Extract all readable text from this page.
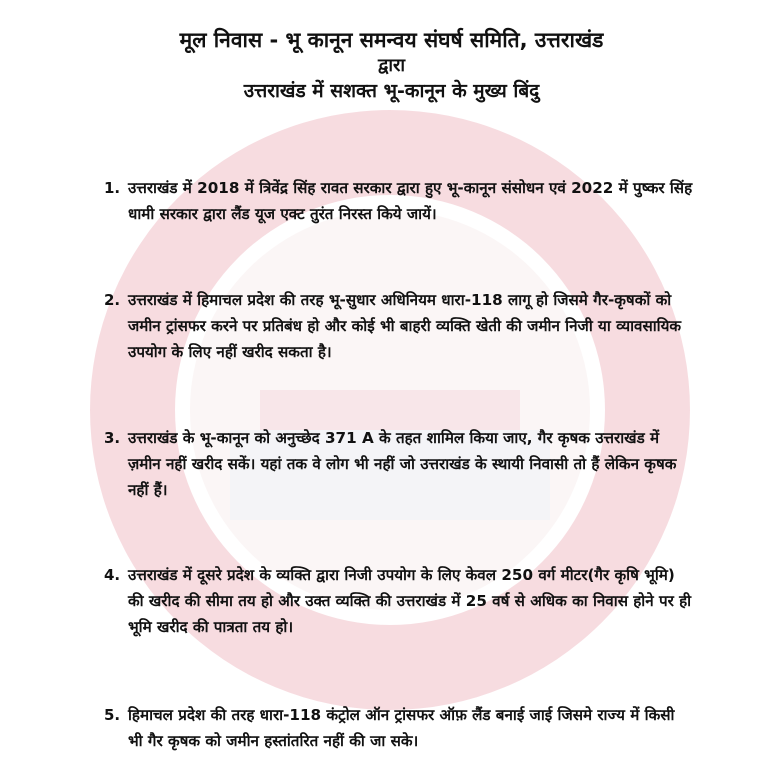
मूल निवास - भू कानून समन्वय संघर्ष समिति, उत्तराखंड
द्वारा
उत्तराखंड में सशक्त भू-कानून के मुख्य बिंदु
1. उत्तराखंड में 2018 में त्रिवेंद्र सिंह रावत सरकार द्वारा हुए भू-कानून संसोधन एवं 2022 में पुष्कर सिंह धामी सरकार द्वारा लैंड यूज एक्ट तुरंत निरस्त किये जायें।
2. उत्तराखंड में हिमाचल प्रदेश की तरह भू-सुधार अधिनियम धारा-118 लागू हो जिसमे गैर-कृषकों को जमीन ट्रांसफर करने पर प्रतिबंध हो और कोई भी बाहरी व्यक्ति खेती की जमीन निजी या व्यावसायिक उपयोग के लिए नहीं खरीद सकता है।
3. उत्तराखंड के भू-कानून को अनुच्छेद 371 A के तहत शामिल किया जाए, गैर कृषक उत्तराखंड में ज़मीन नहीं खरीद सकें। यहां तक वे लोग भी नहीं जो उत्तराखंड के स्थायी निवासी तो हैं लेकिन कृषक नहीं हैं।
4. उत्तराखंड में दूसरे प्रदेश के व्यक्ति द्वारा निजी उपयोग के लिए केवल 250 वर्ग मीटर(गैर कृषि भूमि) की खरीद की सीमा तय हो और उक्त व्यक्ति की उत्तराखंड में 25 वर्ष से अधिक का निवास होने पर ही भूमि खरीद की पात्रता तय हो।
5. हिमाचल प्रदेश की तरह धारा-118 कंट्रोल ऑन ट्रांसफर ऑफ़ लैंड बनाई जाई जिसमे राज्य में किसी भी गैर कृषक को जमीन हस्तांतरित नहीं की जा सके।
